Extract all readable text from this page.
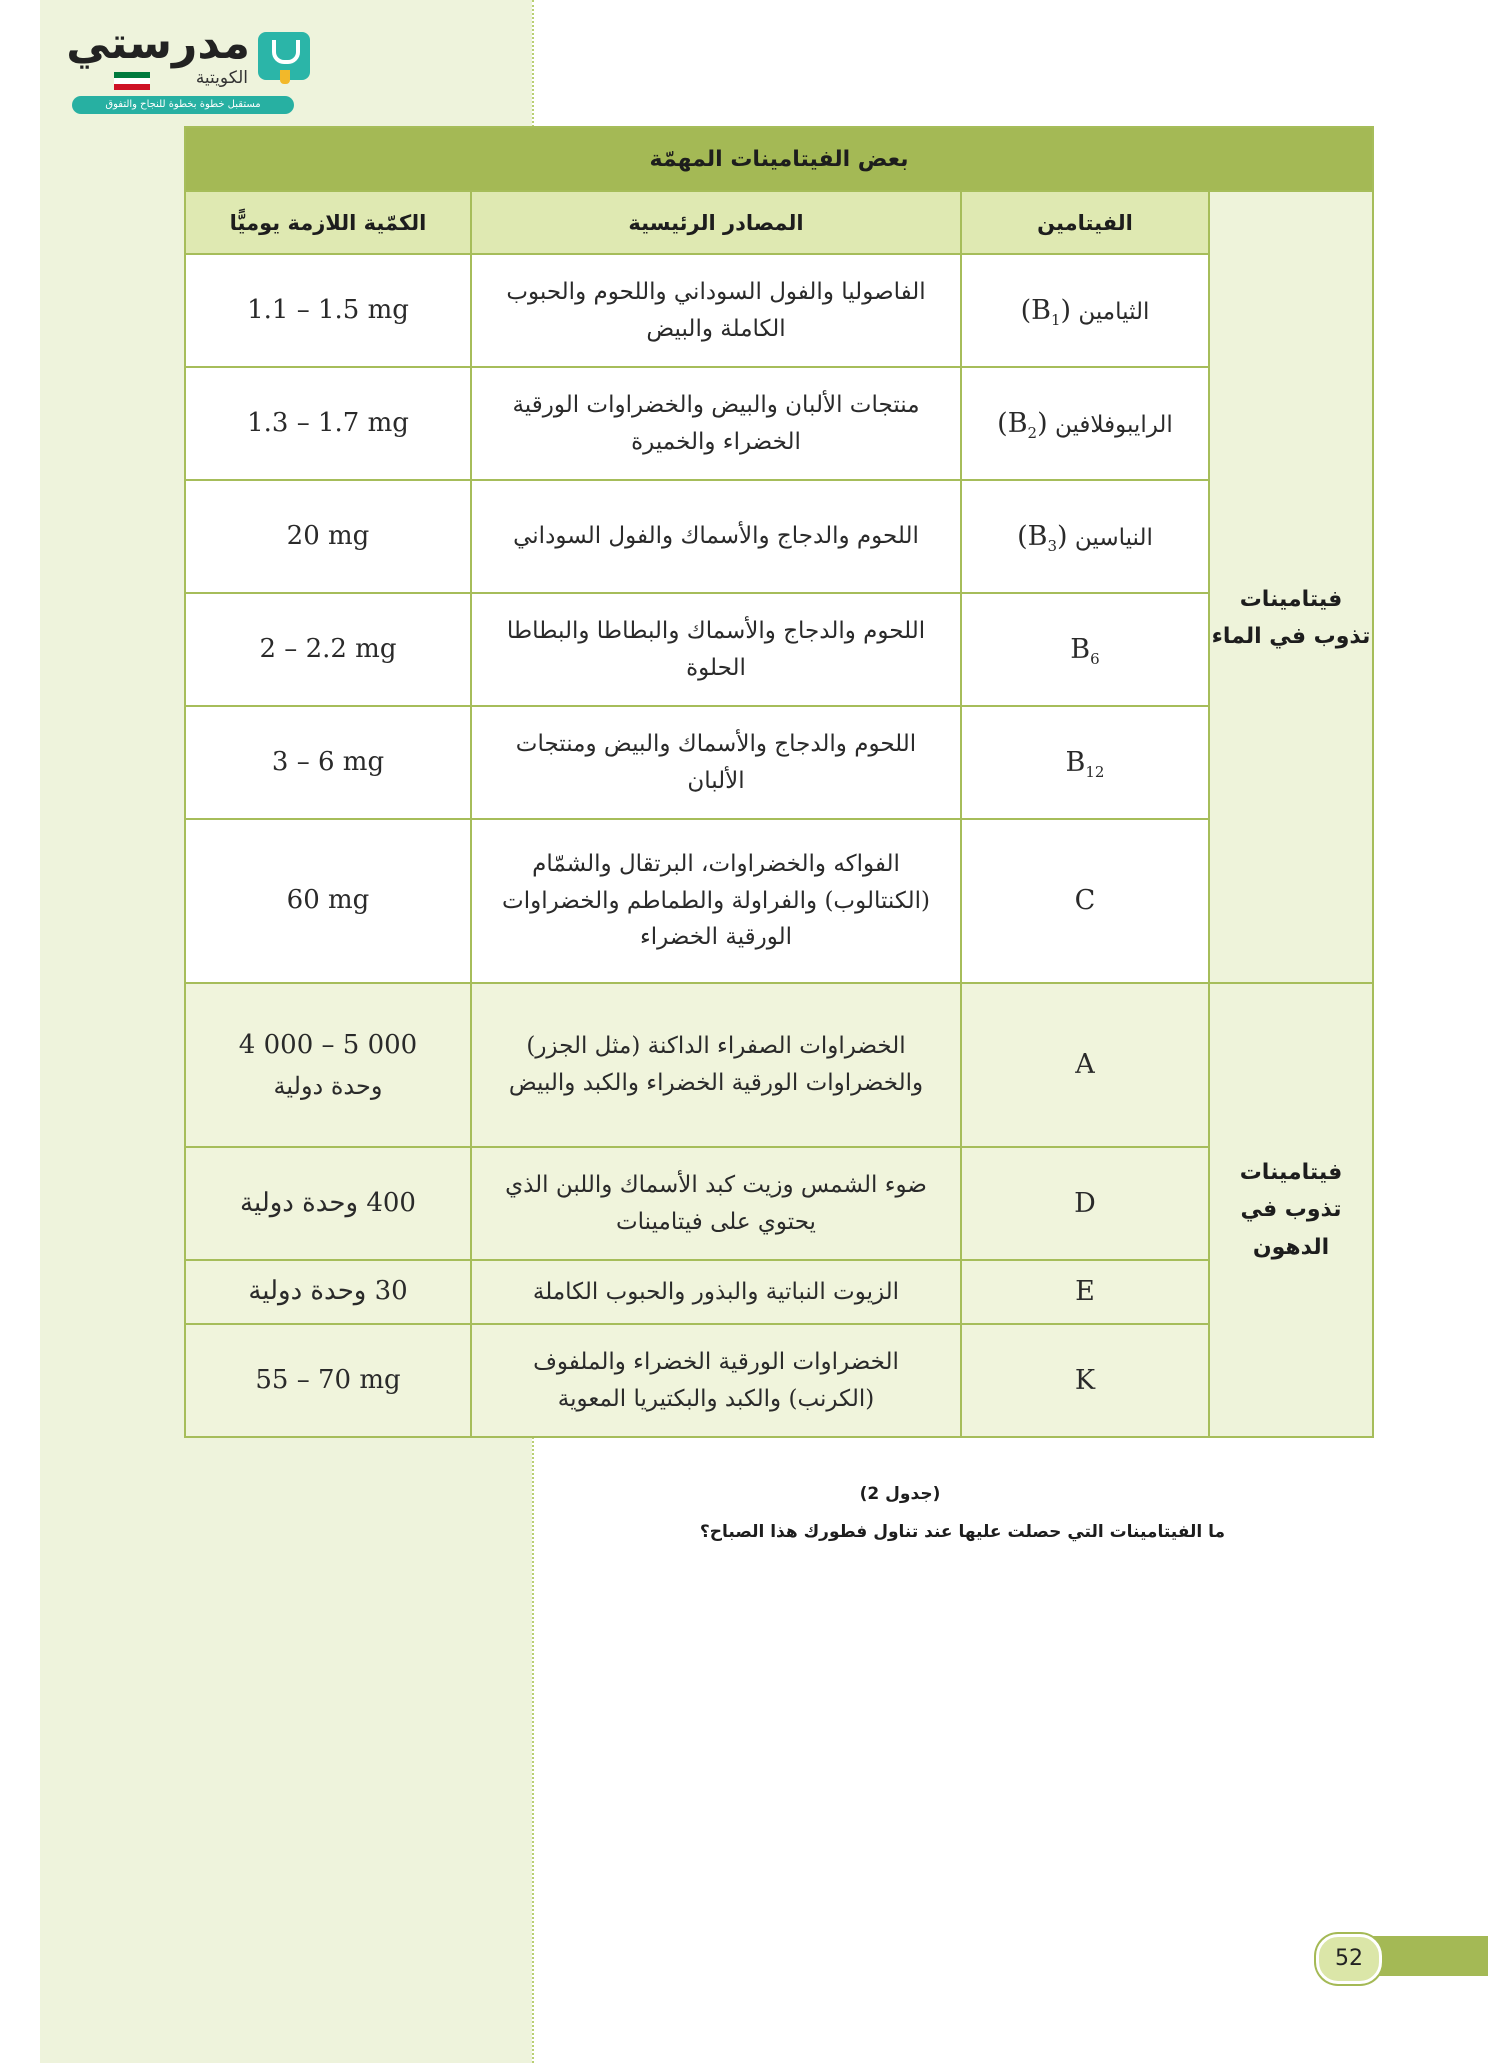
مدرستي
الكويتية
مستقبل خطوة بخطوة للنجاح والتفوق
بعض الفيتامينات المهمّة			
	الفيتامين	المصادر الرئيسية	الكمّية اللازمة يوميًّا
فيتامينات تذوب في الماء	الثيامين $(B_1)$	الفاصوليا والفول السوداني واللحوم والحبوب الكاملة والبيض	1.1 – 1.5 mg

	الرايبوفلافين $(B_2)$	منتجات الألبان والبيض والخضراوات الورقية الخضراء والخميرة	1.3 – 1.7 mg

	النياسين $(B_3)$	اللحوم والدجاج والأسماك والفول السوداني	20 mg

	$B_6$	اللحوم والدجاج والأسماك والبطاطا والبطاطا الحلوة	2 – 2.2 mg

	$B_{12}$	اللحوم والدجاج والأسماك والبيض ومنتجات الألبان	3 – 6 mg

	C	الفواكه والخضراوات، البرتقال والشمّام (الكنتالوب) والفراولة والطماطم والخضراوات الورقية الخضراء	60 mg

فيتامينات تذوب في الدهون	A	الخضراوات الصفراء الداكنة (مثل الجزر) والخضراوات الورقية الخضراء والكبد والبيض	4 000 – 5 000
وحدة دولية

	D	ضوء الشمس وزيت كبد الأسماك واللبن الذي يحتوي على فيتامينات	400 وحدة دولية

	E	الزيوت النباتية والبذور والحبوب الكاملة	30 وحدة دولية

	K	الخضراوات الورقية الخضراء والملفوف (الكرنب) والكبد والبكتيريا المعوية	55 – 70 mg
(جدول 2)
ما الفيتامينات التي حصلت عليها عند تناول فطورك هذا الصباح؟
52
